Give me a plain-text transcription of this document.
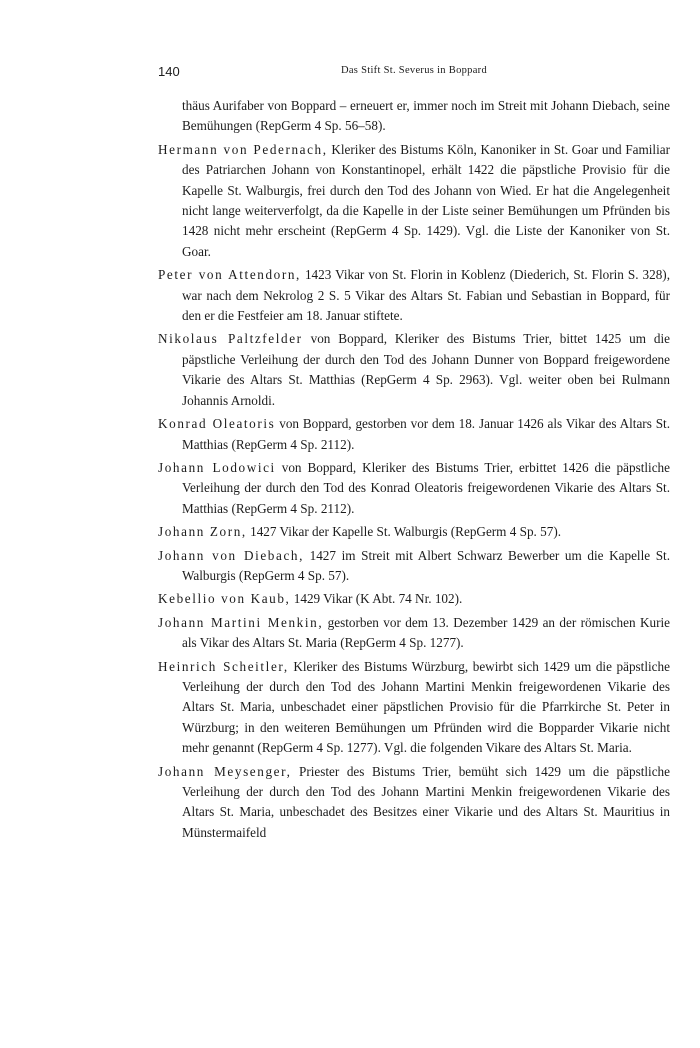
140	Das Stift St. Severus in Boppard

thäus Aurifaber von Boppard – erneuert er, immer noch im Streit mit Johann Diebach, seine Bemühungen (RepGerm 4 Sp. 56–58).

Hermann von Pedernach, Kleriker des Bistums Köln, Kanoniker in St. Goar und Familiar des Patriarchen Johann von Konstantinopel, erhält 1422 die päpstliche Provisio für die Kapelle St. Walburgis, frei durch den Tod des Johann von Wied. Er hat die Angelegenheit nicht lange weiterverfolgt, da die Kapelle in der Liste seiner Bemühungen um Pfründen bis 1428 nicht mehr erscheint (RepGerm 4 Sp. 1429). Vgl. die Liste der Kanoniker von St. Goar.

Peter von Attendorn, 1423 Vikar von St. Florin in Koblenz (Diederich, St. Florin S. 328), war nach dem Nekrolog 2 S. 5 Vikar des Altars St. Fabian und Sebastian in Boppard, für den er die Festfeier am 18. Januar stiftete.

Nikolaus Paltzfelder von Boppard, Kleriker des Bistums Trier, bittet 1425 um die päpstliche Verleihung der durch den Tod des Johann Dunner von Boppard freigewordene Vikarie des Altars St. Matthias (RepGerm 4 Sp. 2963). Vgl. weiter oben bei Rulmann Johannis Arnoldi.

Konrad Oleatoris von Boppard, gestorben vor dem 18. Januar 1426 als Vikar des Altars St. Matthias (RepGerm 4 Sp. 2112).

Johann Lodowici von Boppard, Kleriker des Bistums Trier, erbittet 1426 die päpstliche Verleihung der durch den Tod des Konrad Oleatoris freigewordenen Vikarie des Altars St. Matthias (RepGerm 4 Sp. 2112).

Johann Zorn, 1427 Vikar der Kapelle St. Walburgis (RepGerm 4 Sp. 57).

Johann von Diebach, 1427 im Streit mit Albert Schwarz Bewerber um die Kapelle St. Walburgis (RepGerm 4 Sp. 57).

Kebellio von Kaub, 1429 Vikar (K Abt. 74 Nr. 102).

Johann Martini Menkin, gestorben vor dem 13. Dezember 1429 an der römischen Kurie als Vikar des Altars St. Maria (RepGerm 4 Sp. 1277).

Heinrich Scheitler, Kleriker des Bistums Würzburg, bewirbt sich 1429 um die päpstliche Verleihung der durch den Tod des Johann Martini Menkin freigewordenen Vikarie des Altars St. Maria, unbeschadet einer päpstlichen Provisio für die Pfarrkirche St. Peter in Würzburg; in den weiteren Bemühungen um Pfründen wird die Bopparder Vikarie nicht mehr genannt (RepGerm 4 Sp. 1277). Vgl. die folgenden Vikare des Altars St. Maria.

Johann Meysenger, Priester des Bistums Trier, bemüht sich 1429 um die päpstliche Verleihung der durch den Tod des Johann Martini Menkin freigewordenen Vikarie des Altars St. Maria, unbeschadet des Besitzes einer Vikarie und des Altars St. Mauritius in Münstermaifeld
